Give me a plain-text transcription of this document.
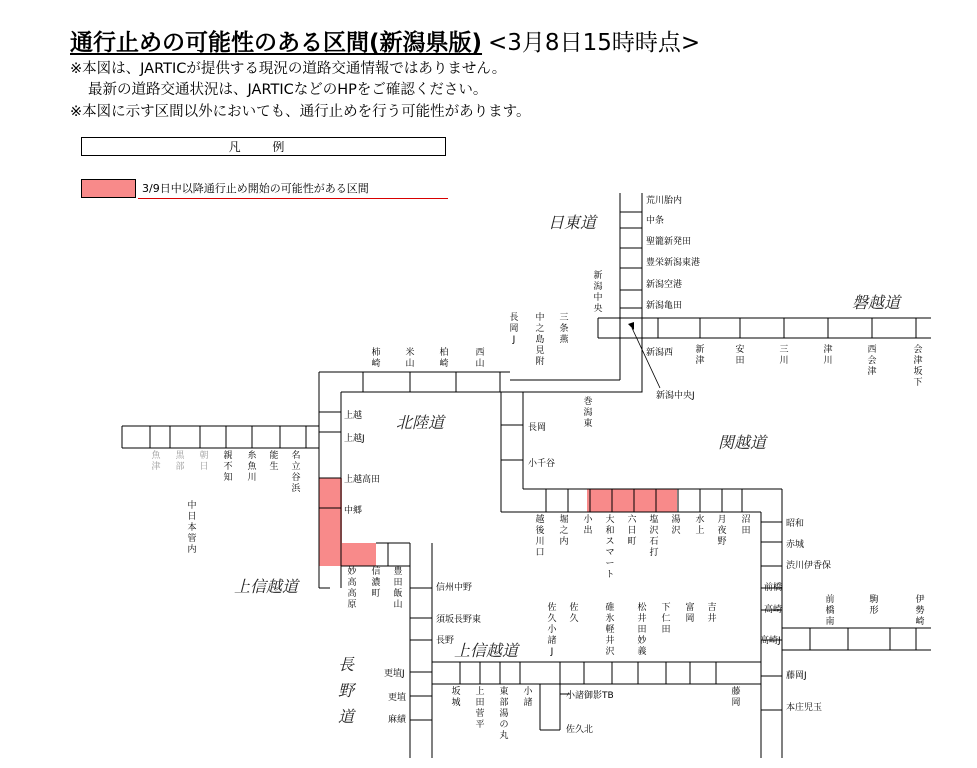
通行止めの可能性のある区間(新潟県版) <3月8日15時時点>
※本図は、JARTICが提供する現況の道路交通情報ではありません。
最新の道路交通状況は、JARTICなどのHPをご確認ください。
※本図に示す区間以外においても、通行止めを行う可能性があります。
凡 例
3/9日中以降通行止め開始の可能性がある区間
荒川胎内
中条
聖籠新発田
豊栄新潟東港
新潟空港
新潟亀田
新潟西
新潟中央J
上越
上越J
上越高田
中郷
長岡
小千谷
昭和
赤城
渋川伊香保
前橋
高崎
高崎J
藤岡J
本庄児玉
信州中野
須坂長野東
長野
更埴J
更埴
麻績
小諸御影TB
佐久北
新潟中央
新津
安田
三川
津川
西会津
会津坂下
柿崎
米山
柏崎
西山
長岡 J
中之島見附
三条燕
巻潟東
魚津
黒部
朝日
親不知
糸魚川
能生
名立谷浜
中日本管内
越後川口
堀之内
小出
大和スマート
六日町
塩沢石打
湯沢
水上
月夜野
沼田
妙高高原
信濃町
豊田飯山	佐久小諸 J
佐久
碓氷軽井沢
松井田妙義
下仁田
富岡
吉井
坂城
上田菅平
東部湯の丸
小諸
藤岡
前橋南
駒形
伊勢崎
日東道
磐越道
北陸道
関越道
上信越道
上信越道
長野道
